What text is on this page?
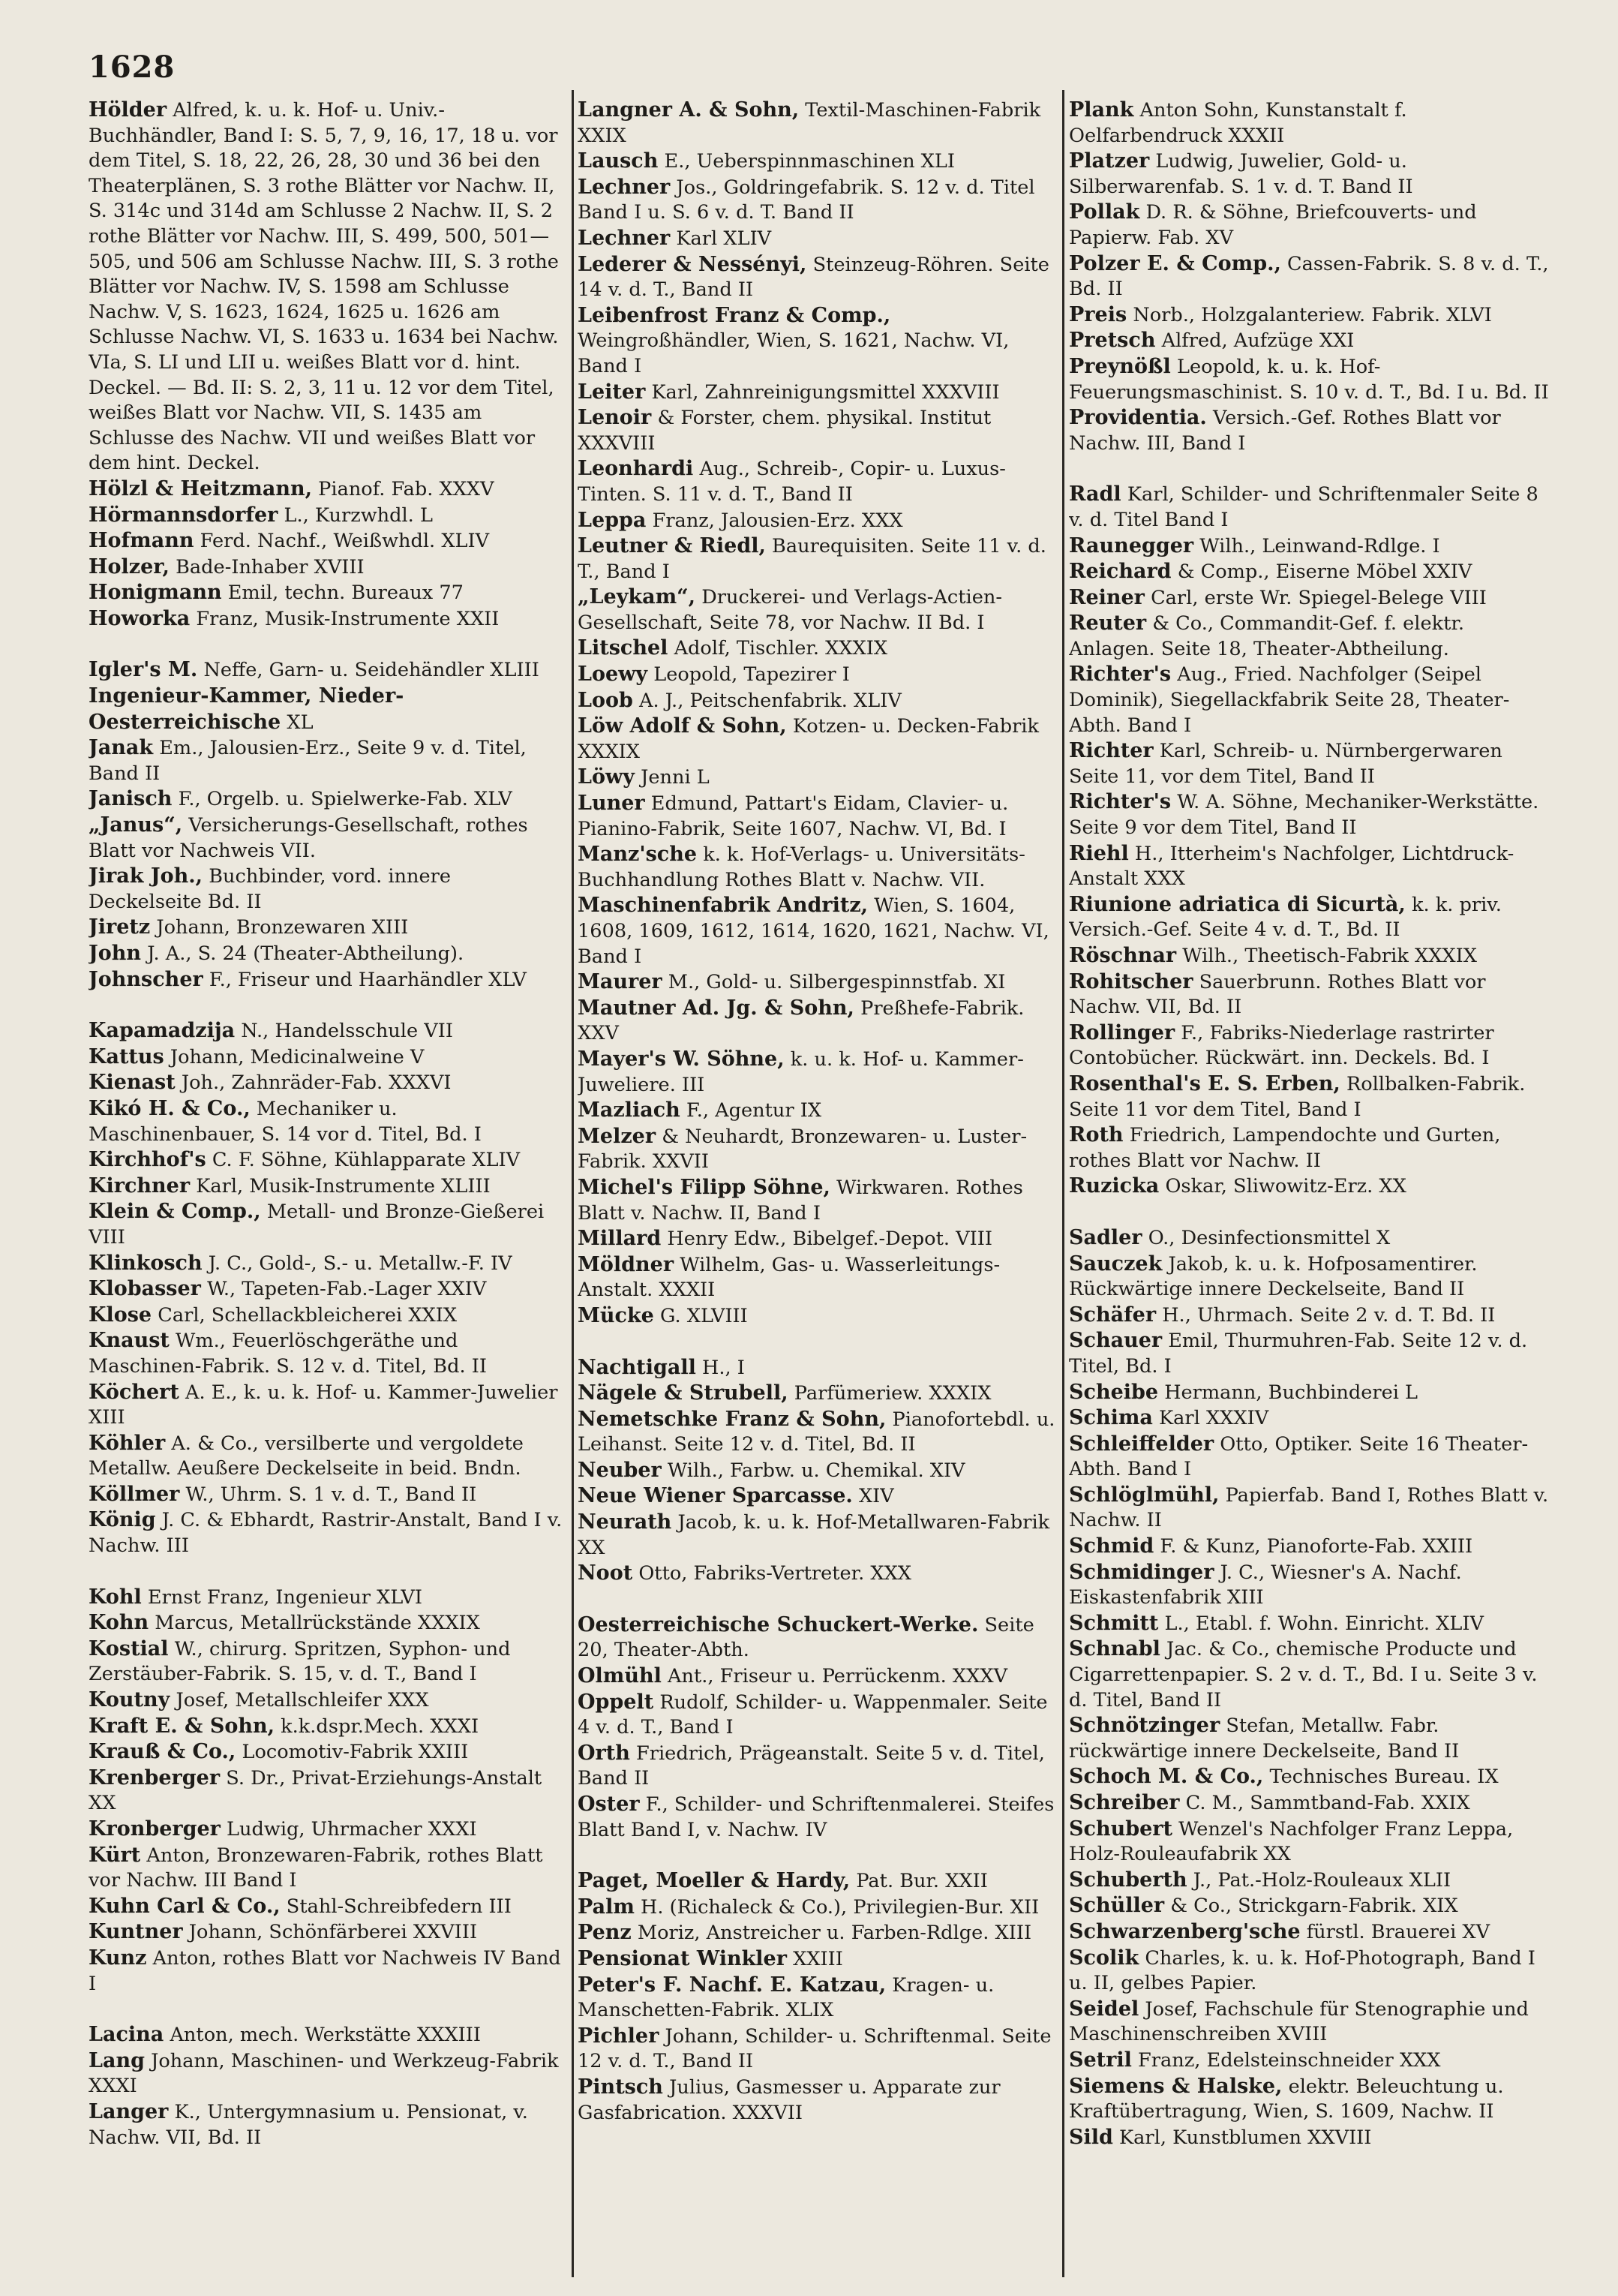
1628

Hölder Alfred, k. u. k. Hof- u. Univ.-Buchhändler, Band I: S. 5, 7, 9, 16, 17, 18 u. vor dem Titel, S. 18, 22, 26, 28, 30 und 36 bei den Theaterplänen, S. 3 rothe Blätter vor Nachw. II, S. 314c und 314d am Schlusse 2 Nachw. II, S. 2 rothe Blätter vor Nachw. III, S. 499, 500, 501—505, und 506 am Schlusse Nachw. III, S. 3 rothe Blätter vor Nachw. IV, S. 1598 am Schlusse Nachw. V, S. 1623, 1624, 1625 u. 1626 am Schlusse Nachw. VI, S. 1633 u. 1634 bei Nachw. VIa, S. LI und LII u. weißes Blatt vor d. hint. Deckel. — Bd. II: S. 2, 3, 11 u. 12 vor dem Titel, weißes Blatt vor Nachw. VII, S. 1435 am Schlusse des Nachw. VII und weißes Blatt vor dem hint. Deckel.

Hölzl & Heitzmann, Pianof. Fab. XXXV

Hörmannsdorfer L., Kurzwhdl. L

Hofmann Ferd. Nachf., Weißwhdl. XLIV

Holzer, Bade-Inhaber XVIII

Honigmann Emil, techn. Bureaux 77

Howorka Franz, Musik-Instrumente XXII

Igler's M. Neffe, Garn- u. Seidehändler XLIII

Ingenieur-Kammer, Nieder-Oesterreichische XL

Janak Em., Jalousien-Erz., Seite 9 v. d. Titel, Band II

Janisch F., Orgelb. u. Spielwerke-Fab. XLV

„Janus“, Versicherungs-Gesellschaft, rothes Blatt vor Nachweis VII.

Jirak Joh., Buchbinder, vord. innere Deckelseite Bd. II

Jiretz Johann, Bronzewaren XIII

John J. A., S. 24 (Theater-Abtheilung).

Johnscher F., Friseur und Haarhändler XLV

Kapamadzija N., Handelsschule VII

Kattus Johann, Medicinalweine V

Kienast Joh., Zahnräder-Fab. XXXVI

Kikó H. & Co., Mechaniker u. Maschinenbauer, S. 14 vor d. Titel, Bd. I

Kirchhof's C. F. Söhne, Kühlapparate XLIV

Kirchner Karl, Musik-Instrumente XLIII

Klein & Comp., Metall- und Bronze-Gießerei VIII

Klinkosch J. C., Gold-, S.- u. Metallw.-F. IV

Klobasser W., Tapeten-Fab.-Lager XXIV

Klose Carl, Schellackbleicherei XXIX

Knaust Wm., Feuerlöschgeräthe und Maschinen-Fabrik. S. 12 v. d. Titel, Bd. II

Köchert A. E., k. u. k. Hof- u. Kammer-Juwelier XIII

Köhler A. & Co., versilberte und vergoldete Metallw. Aeußere Deckelseite in beid. Bndn.

Köllmer W., Uhrm. S. 1 v. d. T., Band II

König J. C. & Ebhardt, Rastrir-Anstalt, Band I v. Nachw. III

Kohl Ernst Franz, Ingenieur XLVI

Kohn Marcus, Metallrückstände XXXIX

Kostial W., chirurg. Spritzen, Syphon- und Zerstäuber-Fabrik. S. 15, v. d. T., Band I

Koutny Josef, Metallschleifer XXX

Kraft E. & Sohn, k.k.dspr.Mech. XXXI

Krauß & Co., Locomotiv-Fabrik XXIII

Krenberger S. Dr., Privat-Erziehungs-Anstalt XX

Kronberger Ludwig, Uhrmacher XXXI

Kürt Anton, Bronzewaren-Fabrik, rothes Blatt vor Nachw. III Band I

Kuhn Carl & Co., Stahl-Schreibfedern III

Kuntner Johann, Schönfärberei XXVIII

Kunz Anton, rothes Blatt vor Nachweis IV Band I

Lacina Anton, mech. Werkstätte XXXIII

Lang Johann, Maschinen- und Werkzeug-Fabrik XXXI

Langer K., Untergymnasium u. Pensionat, v. Nachw. VII, Bd. II

Langner A. & Sohn, Textil-Maschinen-Fabrik XXIX

Lausch E., Ueberspinnmaschinen XLI

Lechner Jos., Goldringefabrik. S. 12 v. d. Titel Band I u. S. 6 v. d. T. Band II

Lechner Karl XLIV

Lederer & Nessényi, Steinzeug-Röhren. Seite 14 v. d. T., Band II

Leibenfrost Franz & Comp., Weingroßhändler, Wien, S. 1621, Nachw. VI, Band I

Leiter Karl, Zahnreinigungsmittel XXXVIII

Lenoir & Forster, chem. physikal. Institut XXXVIII

Leonhardi Aug., Schreib-, Copir- u. Luxus-Tinten. S. 11 v. d. T., Band II

Leppa Franz, Jalousien-Erz. XXX

Leutner & Riedl, Baurequisiten. Seite 11 v. d. T., Band I

„Leykam“, Druckerei- und Verlags-Actien-Gesellschaft, Seite 78, vor Nachw. II Bd. I

Litschel Adolf, Tischler. XXXIX

Loewy Leopold, Tapezirer I

Loob A. J., Peitschenfabrik. XLIV

Löw Adolf & Sohn, Kotzen- u. Decken-Fabrik XXXIX

Löwy Jenni L

Luner Edmund, Pattart's Eidam, Clavier- u. Pianino-Fabrik, Seite 1607, Nachw. VI, Bd. I

Manz'sche k. k. Hof-Verlags- u. Universitäts-Buchhandlung Rothes Blatt v. Nachw. VII.

Maschinenfabrik Andritz, Wien, S. 1604, 1608, 1609, 1612, 1614, 1620, 1621, Nachw. VI, Band I

Maurer M., Gold- u. Silbergespinnstfab. XI

Mautner Ad. Jg. & Sohn, Preßhefe-Fabrik. XXV

Mayer's W. Söhne, k. u. k. Hof- u. Kammer-Juweliere. III

Mazliach F., Agentur IX

Melzer & Neuhardt, Bronzewaren- u. Luster-Fabrik. XXVII

Michel's Filipp Söhne, Wirkwaren. Rothes Blatt v. Nachw. II, Band I

Millard Henry Edw., Bibelgef.-Depot. VIII

Möldner Wilhelm, Gas- u. Wasserleitungs-Anstalt. XXXII

Mücke G. XLVIII

Nachtigall H., I

Nägele & Strubell, Parfümeriew. XXXIX

Nemetschke Franz & Sohn, Pianofortebdl. u. Leihanst. Seite 12 v. d. Titel, Bd. II

Neuber Wilh., Farbw. u. Chemikal. XIV

Neue Wiener Sparcasse. XIV

Neurath Jacob, k. u. k. Hof-Metallwaren-Fabrik XX

Noot Otto, Fabriks-Vertreter. XXX

Oesterreichische Schuckert-Werke. Seite 20, Theater-Abth.

Olmühl Ant., Friseur u. Perrückenm. XXXV

Oppelt Rudolf, Schilder- u. Wappenmaler. Seite 4 v. d. T., Band I

Orth Friedrich, Prägeanstalt. Seite 5 v. d. Titel, Band II

Oster F., Schilder- und Schriftenmalerei. Steifes Blatt Band I, v. Nachw. IV

Paget, Moeller & Hardy, Pat. Bur. XXII

Palm H. (Richaleck & Co.), Privilegien-Bur. XII

Penz Moriz, Anstreicher u. Farben-Rdlge. XIII

Pensionat Winkler XXIII

Peter's F. Nachf. E. Katzau, Kragen- u. Manschetten-Fabrik. XLIX

Pichler Johann, Schilder- u. Schriftenmal. Seite 12 v. d. T., Band II

Pintsch Julius, Gasmesser u. Apparate zur Gasfabrication. XXXVII

Plank Anton Sohn, Kunstanstalt f. Oelfarbendruck XXXII

Platzer Ludwig, Juwelier, Gold- u. Silberwarenfab. S. 1 v. d. T. Band II

Pollak D. R. & Söhne, Briefcouverts- und Papierw. Fab. XV

Polzer E. & Comp., Cassen-Fabrik. S. 8 v. d. T., Bd. II

Preis Norb., Holzgalanteriew. Fabrik. XLVI

Pretsch Alfred, Aufzüge XXI

Preynößl Leopold, k. u. k. Hof-Feuerungsmaschinist. S. 10 v. d. T., Bd. I u. Bd. II

Providentia. Versich.-Gef. Rothes Blatt vor Nachw. III, Band I

Radl Karl, Schilder- und Schriftenmaler Seite 8 v. d. Titel Band I

Raunegger Wilh., Leinwand-Rdlge. I

Reichard & Comp., Eiserne Möbel XXIV

Reiner Carl, erste Wr. Spiegel-Belege VIII

Reuter & Co., Commandit-Gef. f. elektr. Anlagen. Seite 18, Theater-Abtheilung.

Richter's Aug., Fried. Nachfolger (Seipel Dominik), Siegellackfabrik Seite 28, Theater-Abth. Band I

Richter Karl, Schreib- u. Nürnbergerwaren Seite 11, vor dem Titel, Band II

Richter's W. A. Söhne, Mechaniker-Werkstätte. Seite 9 vor dem Titel, Band II

Riehl H., Itterheim's Nachfolger, Lichtdruck-Anstalt XXX

Riunione adriatica di Sicurtà, k. k. priv. Versich.-Gef. Seite 4 v. d. T., Bd. II

Röschnar Wilh., Theetisch-Fabrik XXXIX

Rohitscher Sauerbrunn. Rothes Blatt vor Nachw. VII, Bd. II

Rollinger F., Fabriks-Niederlage rastrirter Contobücher. Rückwärt. inn. Deckels. Bd. I

Rosenthal's E. S. Erben, Rollbalken-Fabrik. Seite 11 vor dem Titel, Band I

Roth Friedrich, Lampendochte und Gurten, rothes Blatt vor Nachw. II

Ruzicka Oskar, Sliwowitz-Erz. XX

Sadler O., Desinfectionsmittel X

Sauczek Jakob, k. u. k. Hofposamentirer. Rückwärtige innere Deckelseite, Band II

Schäfer H., Uhrmach. Seite 2 v. d. T. Bd. II

Schauer Emil, Thurmuhren-Fab. Seite 12 v. d. Titel, Bd. I

Scheibe Hermann, Buchbinderei L

Schima Karl XXXIV

Schleiffelder Otto, Optiker. Seite 16 Theater-Abth. Band I

Schlöglmühl, Papierfab. Band I, Rothes Blatt v. Nachw. II

Schmid F. & Kunz, Pianoforte-Fab. XXIII

Schmidinger J. C., Wiesner's A. Nachf. Eiskastenfabrik XIII

Schmitt L., Etabl. f. Wohn. Einricht. XLIV

Schnabl Jac. & Co., chemische Producte und Cigarrettenpapier. S. 2 v. d. T., Bd. I u. Seite 3 v. d. Titel, Band II

Schnötzinger Stefan, Metallw. Fabr. rückwärtige innere Deckelseite, Band II

Schoch M. & Co., Technisches Bureau. IX

Schreiber C. M., Sammtband-Fab. XXIX

Schubert Wenzel's Nachfolger Franz Leppa, Holz-Rouleaufabrik XX

Schuberth J., Pat.-Holz-Rouleaux XLII

Schüller & Co., Strickgarn-Fabrik. XIX

Schwarzenberg'sche fürstl. Brauerei XV

Scolik Charles, k. u. k. Hof-Photograph, Band I u. II, gelbes Papier.

Seidel Josef, Fachschule für Stenographie und Maschinenschreiben XVIII

Setril Franz, Edelsteinschneider XXX

Siemens & Halske, elektr. Beleuchtung u. Kraftübertragung, Wien, S. 1609, Nachw. II

Sild Karl, Kunstblumen XXVIII
